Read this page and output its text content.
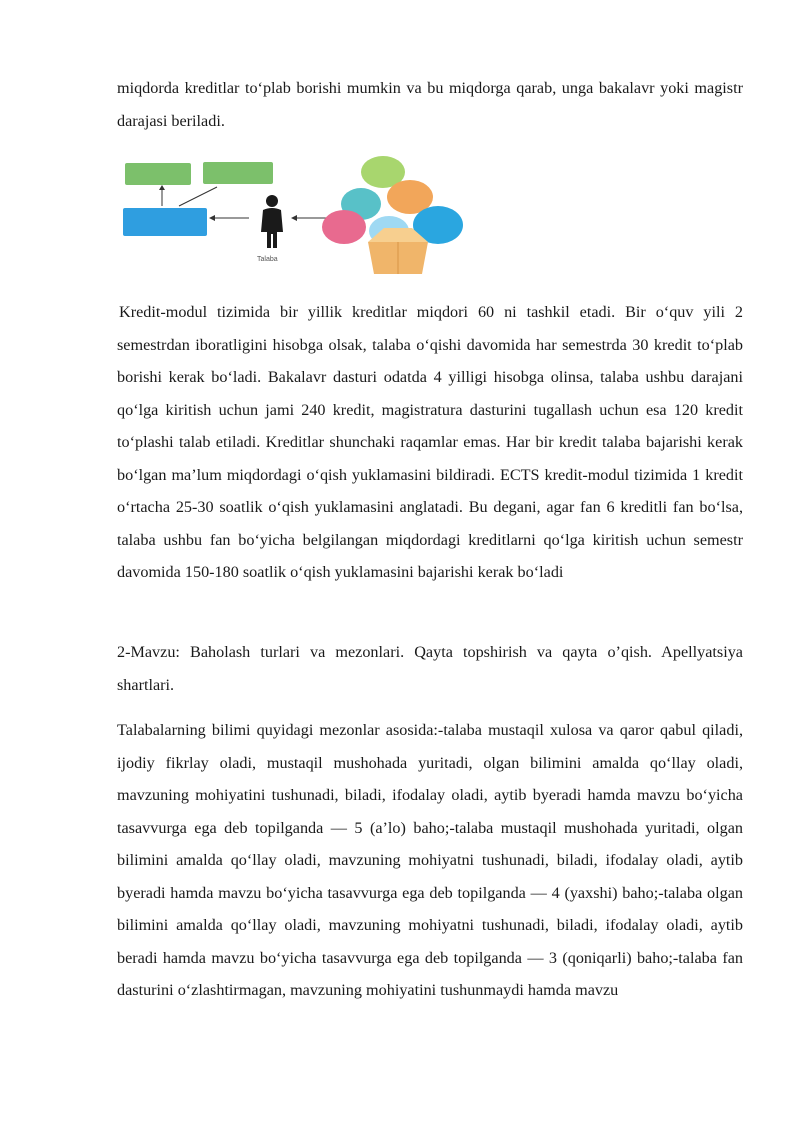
miqdorda kreditlar to‘plab borishi mumkin va bu miqdorga qarab, unga bakalavr yoki magistr darajasi beriladi.

Talaba

Kredit-modul tizimida bir yillik kreditlar miqdori 60 ni tashkil etadi. Bir o‘quv yili 2 semestrdan iboratligini hisobga olsak, talaba o‘qishi davomida har semestrda 30 kredit to‘plab borishi kerak bo‘ladi. Bakalavr dasturi odatda 4 yilligi hisobga olinsa, talaba ushbu darajani qo‘lga kiritish uchun jami 240 kredit, magistratura dasturini tugallash uchun esa 120 kredit to‘plashi talab etiladi. Kreditlar shunchaki raqamlar emas. Har bir kredit talaba bajarishi kerak bo‘lgan ma’lum miqdordagi o‘qish yuklamasini bildiradi. ECTS kredit-modul tizimida 1 kredit o‘rtacha 25-30 soatlik o‘qish yuklamasini anglatadi. Bu degani, agar fan 6 kreditli fan bo‘lsa, talaba ushbu fan bo‘yicha belgilangan miqdordagi kreditlarni qo‘lga kiritish uchun semestr davomida 150-180 soatlik o‘qish yuklamasini bajarishi kerak bo‘ladi

2-Mavzu: Baholash turlari va mezonlari. Qayta topshirish va qayta o’qish. Apellyatsiya shartlari.

Talabalarning bilimi quyidagi mezonlar asosida:-talaba mustaqil xulosa va qaror qabul qiladi, ijodiy fikrlay oladi, mustaqil mushohada yuritadi, olgan bilimini amalda qo‘llay oladi, mavzuning mohiyatini tushunadi, biladi, ifodalay oladi, aytib byeradi hamda mavzu bo‘yicha tasavvurga ega deb topilganda — 5 (a’lo) baho;-talaba mustaqil mushohada yuritadi, olgan bilimini amalda qo‘llay oladi, mavzuning mohiyatni tushunadi, biladi, ifodalay oladi, aytib byeradi hamda mavzu bo‘yicha tasavvurga ega deb topilganda — 4 (yaxshi) baho;-talaba olgan bilimini amalda qo‘llay oladi, mavzuning mohiyatni tushunadi, biladi, ifodalay oladi, aytib beradi hamda mavzu bo‘yicha tasavvurga ega deb topilganda — 3 (qoniqarli) baho;-talaba fan dasturini o‘zlashtirmagan, mavzuning mohiyatini tushunmaydi hamda mavzu
